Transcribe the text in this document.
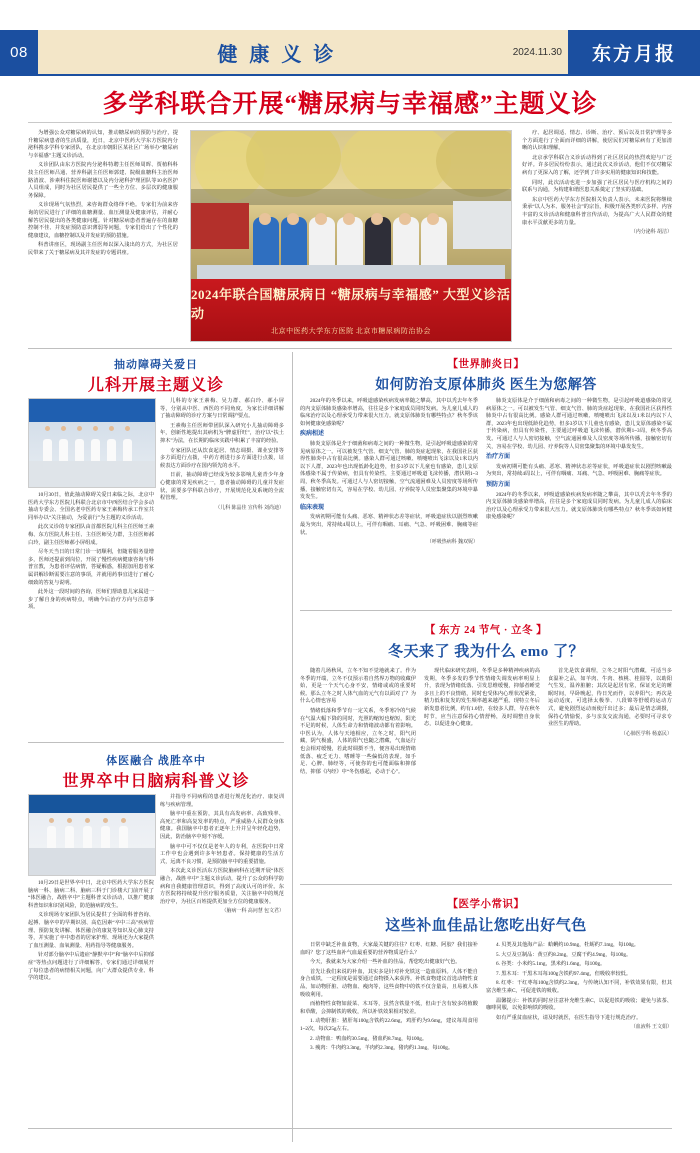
08	健康义诊	2024.11.30	东方月报
多学科联合开展“糖尿病与幸福感”主题义诊
2024年联合国糖尿病日 “糖尿病与幸福感” 大型义诊活动
北京中医药大学东方医院 北京市糖尿病防治协会

为增强公众对糖尿病的认知，推动糖尿病的预防与治疗，提升糖尿病患者的生活质量，近日，北京中医药大学东方医院内分泌科携多学科专家团队，在北京市朝阳区某社区广场举办“糖尿病与幸福感”主题义诊活动。

义诊团队由东方医院内分泌科特聘主任医师周晖、贾植科科技主任医师吕通、营养科副主任医师郭建、院级血糖科主治医师路清波、涉素科住院医师谢德以及内分泌科护理团队等10名医护人员组成，同时为社区居民提供了一些全方位、多层次的健康服务保障。

义诊现场气氛热烈，来咨询群众络绎不绝。专家们为前来咨询的居民进行了详细的血糖测量、血压测量及健康评估，并耐心解答居民提出的各类健康问题。针对糖尿病患者普遍存在的血糖控制不佳、并发症预防意识薄弱等问题，专家们给出了个性化的健康建议，血糖控制以及并发症的预防措施。

科普讲座区，现场副主任医师以深入浅出的方式，为社区居民带来了关于糖尿病及其并发症的专题讲座。

疗、起居调适、情志、诊断、治疗、预后以及日常护理等多个方面进行了全面而详细的讲解，使居民们对糖尿病有了更加清晰的认识和理解。

北京承学科联合义诊活动得到了社区居民的热烈欢迎与广泛好评。许多居民纷纷表示，通过此次义诊活动，他们不仅对糖尿病有了更深入的了解，还学到了许多实用的健康知识和技能。

同时，此次活动也进一步加强了社区居民与医疗机构之间的联系与沟通，为构建和谐医患关系奠定了坚实的基础。

东京中医药大学东方医院相关负责人表示，未来医院将继续秉承“以人为本、服务社会”的宗旨，积极开展各类形式多样、内容丰富的义诊活动和健康科普宣传活动，为提高广大人民群众的健康水平贡献更多的力量。

（内分泌科 胡洁）
抽动障碍关爱日
儿科开展主题义诊

10月30日，值此抽动障碍关爱日来临之际，北京中医药大学东方医院儿科联合北京市中西医结合学会多动抽动专委会、全国名老中医药专家王素梅传承工作室共同举办以“关注抽动，为爱前行”为主题的义诊活动。

此次义诊的专家团队由首都医院儿科主任医师王素梅、东方医院儿科主任、主任医师吴力群，主任医师郝白玲，副主任医师郝小屏组成。

尽冬天当日的日常门诊一切顺利，但随着服务量增多，医师还提前到岗位，开展了慢性疾病健康咨询与科普宣教，为患者评估病情，答疑解惑，根据加用患者家属讲解诊断需要注意的事项，并就用药事宜进行了耐心细致的答复与说明。

此外这一段时间的咨询，医师们帮助患儿家属进一步了解自身的疾病特点，明确今后治疗方向与注意事项。

儿科的专家王素梅、吴力群、郝白玲、郝小屏等，分别从中医、西医的不同角度，为家长详细讲解了抽动障碍的诊疗方案与日常调护要点。

王素梅主任医师带团队深入研究小儿抽动障碍多年，创新性地提出其病机为“脾虚肝旺”，治疗以“扶土抑木”为法，在长期的临床实践中积累了丰富的经验。

专家团队还从饮食起居、情志调摄、课业安排等多方面进行点拨，中药方剂进行多方面进行点拨，证候表达方面诊疗在国内领先的水平。

日前，抽动障碍已经成为较多影响儿童青少年身心健康的常见疾病之一，患者抽动障碍的儿童并发症状，需要多学科联合诊疗，开展规范化及系统的全流程管理。

（儿科 陈晶佳 宣传科 刘尚迪）
体医融合 战胜卒中
世界卒中日脑病科普义诊

10月29日是世界卒中日，北京中医药大学东方医院脑病一科、脑病二科、脑病三科于门诊楼大门前开展了“体医融合，战胜卒中”主题科普义诊活动，以推广健康科普知识和识别风险，防范脑病的发生。

义诊现场专家团队为居民提供了全面的科普咨询、起搏、脑卒中的早期识别、高危因素“卒中三高”疾病管理、预防复发讲解、体医融合的康复等知识及心肺支持等，并实施了卒中患者的居家护理、现场还为大家提供了血压测量、血氧测量、用药指导等健康服务。

针对部分脑卒中后遗症“静默卒中”和“脑卒中后抑郁症”等热点问题进行了详细解答，专家们通过详细展开了每位患者的病情相关问题，向广大群众提供专业、科学的建议。

并指导不同病程的患者进行规范化治疗、康复训练与疾病管理。

脑卒中重在预防，其具有高发病率、高致残率、高死亡率和高复发率的特点，严重威胁人民群众身体健康。我国脑卒中患者正逐年上升并呈年轻化趋势，因此，防治脑卒中刻不容缓。

脑卒中可不仅仅是老年人的专利，在医院中日常工作中也会遇到许多年轻患者。保持健康的生活方式，远离不良习惯，是预防脑卒中的重要措施。

本次此义诊医活东方医院脑病科在近期开展“体医融合，战胜卒中”主题义诊活动，提升了公众的科学防病和自我健康管理意识，得到了高度认可的评价。东方医院将持续提升医疗服务质量，关注脑卒中的规范治疗中，为社区百姓提供更加全方位的健康服务。

（脑病一科 高问慧 包文君）
【世界肺炎日】
如何防治支原体肺炎 医生为您解答

2024年的冬季以来，呼吸道感染疾病发病率随之攀高，其中以秃去年冬季的内支原体肺炎感染率增高，往往是多个家庭成员同时发病。为儿童儿成人的临床治疗以及心理承受力带来很大压力。就支原体肺炎有哪些特点？秋冬季该如何健康免感染呢？

疾病相述

肺炎支原体是介于细菌和病毒之间的一种微生物，是引起呼吸道感染的常见病原体之一。可以被发生气管、细支气管、肺的炎症起现象，在我国社区获得性肺炎中占有很高比例。感染人群可通过咳嗽、喷嚏喷出飞沫以及1米以内以下人群，2023年也出现低龄化趋势，但多3岁以下儿童也有感染，患儿支原体感染不属于传染病，但具有传染性，主要通过呼吸道飞沫传播，潜伏期1~3周，秋冬季高发。可通过人与人密切接触，空气流通困难及人员密度等场所传播，接触密切有关，容易在学校、幼儿园、疗养院等人员密集聚集的环境中暴发发生。

临床表现

发病初期可能有头痛、恶寒、精神状态差等症状，呼吸道症状以剧烈咳嗽最为突出，常持续4周以上，可伴有咽痛、耳痛、气急、呼吸困难、胸痛等症状。

（呼吸热病科 魏双妮）

肺炎支原体是介于细菌和病毒之间的一种微生物，是引起呼吸道感染的常见病原体之一。可以被发生气管、细支气管、肺的炎症起现象，在我国社区获得性肺炎中占有很高比例。感染人群可通过咳嗽、喷嚏喷出飞沫以及1米以内以下人群，2023年也出现低龄化趋势，但多3岁以下儿童也有感染，患儿支原体感染不属于传染病，但具有传染性，主要通过呼吸道飞沫传播，潜伏期1~3周，秋冬季高发。可通过人与人密切接触，空气流通困难及人员密度等场所传播，接触密切有关，容易在学校、幼儿园、疗养院等人员密集聚集的环境中暴发发生。

治疗方面

发病初期可能有头痛、恶寒、精神状态差等症状，呼吸道症状以剧烈咳嗽最为突出，常持续4周以上，可伴有咽痛、耳痛、气急、呼吸困难、胸痛等症状。

预防方面

2024年的冬季以来，呼吸道感染疾病发病率随之攀高，其中以秃去年冬季的内支原体肺炎感染率增高，往往是多个家庭成员同时发病。为儿童儿成人的临床治疗以及心理承受力带来很大压力。就支原体肺炎有哪些特点？秋冬季该如何健康免感染呢？

【 东方 24 节气 · 立冬 】
冬天来了 我为什么 emo 了？

随着几场秋风，立冬不知不觉地就来了。作为冬季的开端，立冬不仅预示着自然界万物的收藏伊始，更是一个天气心身不安，情绪或或的重要时候。那么立冬之时人体气血的元气有以面对了？为什么心情也容易

情绪低落和季节有一定关系，冬季寒冷的气候在气温大幅下降的同时，光照的缩短也缩短，阳光不足的时候，人体生命力和情绪波动都有着影响。中医认为，人体与天地相应，立冬之时，阳气闭藏，阴气极盛，人体的阳气也随之潜藏，气血运行也会相对缓慢，若此时调摄不当，便容易出现情绪低落、疲乏无力、嗜睡等一些偏低的表现。如手足、心脾、肺经等，可使你的也可能面临和抑郁结，抑郁《内经》中“冬伤感起，必动于心”。

现代临床研究表明，冬季是多种精神疾病的高发期，冬季多发的季节性情绪失调发病率明显上升，表现为情绪低落、引发思维缓慢，抑郁者睡觉多且上的不良情绪，同时也受体内心理状况紧张，精力低和复发的发生频率越来越严重。现特立冬后新发患者比例，约有1.0倍，在较多人群，导在秋冬时节，应当注意保持心情舒畅，及时调整自身状态，以促进身心健康。

首先是饮食调理，立冬之时阳气潜藏，可适当多食温补之品，如羊肉、牛肉、核桃、桂圆等，以助阳气生发，温养脏腑；其次是起居有常，保证充足的睡眠时间，早卧晚起，待日光而作，以养阳气；再次是运动适度，可选择太极拳、八段锦等舒缓的运动方式，避免剧烈运动而使汗出过多；最后是情志调摄，保持心情愉悦，多与亲友交流沟通，必要时可寻求专业医生的帮助。

（心肺医学科 杨嘉民）
【医学小常识】
这些补血佳品让您吃出好气色

日常中缺乏补血食物，大家最关键的往往？红枣、红糖、阿胶？我们接补血吗？您了这些血补气血最重要的营养物质是什么？

今天，我就来为大家介绍一些补血的佳品，帮您吃出健康好气色。

首先让我们来说的补血，其实多是针对补充铁这一造血原料。人体不能自身合成铁，一定程度是需要通过食物摄入来获得。补铁食物建议首选动物性食品，如动物肝脏、动物血、瘦肉等，这些食物中的铁不仅含量高，且易被人体吸收利用。

而植物性食物如菠菜、木耳等，虽然含铁量不低，但由于含有较多的植酸和草酸，会抑制铁的吸收，所以补铁效果相对较差。

1. 动物肝脏：猪肝每100g含铁约22.6mg，鸡肝约为9.6mg，建议每周食用1~2次，每次25g左右。

2. 动物血：鸭血约30.5mg，猪血约8.7mg，每100g。

3. 瘦肉：牛肉约3.3mg，羊肉约2.3mg，猪肉约1.3mg，每100g。

4. 贝类及其他海产品：蛤蜊约10.9mg，牡蛎约7.1mg，每100g。

5. 大豆及豆制品：黄豆约8.2mg，豆腐干约4.9mg，每100g。

6. 谷类：小米约5.1mg，黑米约1.6mg，每100g。

7. 黑木耳：干黑木耳每100g含铁约97.4mg，但吸收率较低。

8. 红枣：干红枣每100g含铁约2.3mg，与传统认知不同，补铁效果有限，但其富含维生素C，可促进铁的吸收。

温馨提示：补铁的同时应注意补充维生素C，以促进铁的吸收；避免与浓茶、咖啡同服，以免影响铁的吸收。

如有严重贫血症状，请及时就医，在医生指导下进行规范治疗。

（血液科 王文娟）
